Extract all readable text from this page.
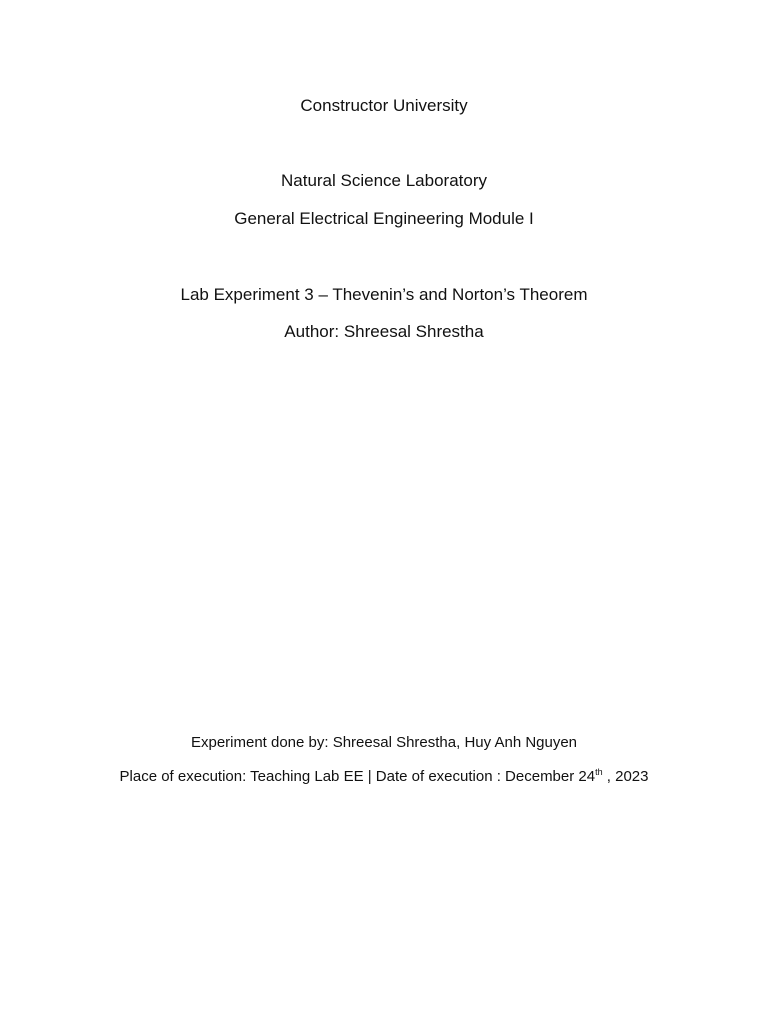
Constructor University
Natural Science Laboratory
General Electrical Engineering Module I
Lab Experiment 3 – Thevenin’s and Norton’s Theorem
Author: Shreesal Shrestha
Experiment done by: Shreesal Shrestha, Huy Anh Nguyen
Place of execution: Teaching Lab EE | Date of execution : December 24th , 2023
